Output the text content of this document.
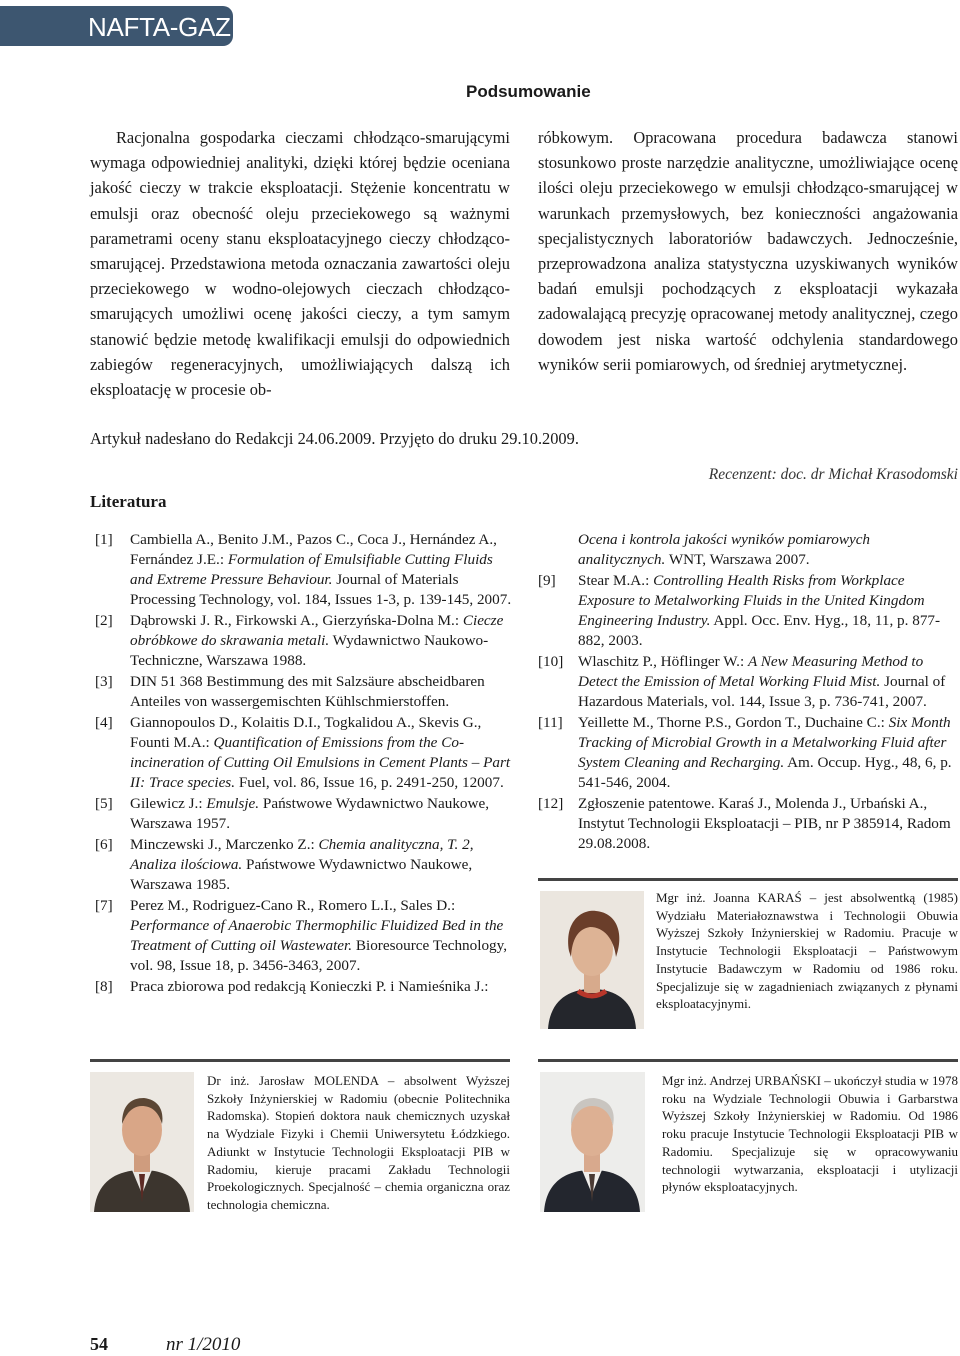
NAFTA-GAZ
Podsumowanie

Racjonalna gospodarka cieczami chłodząco-smarującymi wymaga odpowiedniej analityki, dzięki której będzie oceniana jakość cieczy w trakcie eksploatacji. Stężenie koncentratu w emulsji oraz obecność oleju przeciekowego są ważnymi parametrami oceny stanu eksploatacyjnego cieczy chłodząco-smarującej. Przedstawiona metoda oznaczania zawartości oleju przeciekowego w wodno-olejowych cieczach chłodząco-smarujących umożliwi ocenę jakości cieczy, a tym samym stanowić będzie metodę kwalifikacji emulsji do odpowiednich zabiegów regeneracyjnych, umożliwiających dalszą ich eksploatację w procesie ob-

róbkowym. Opracowana procedura badawcza stanowi stosunkowo proste narzędzie analityczne, umożliwiające ocenę ilości oleju przeciekowego w emulsji chłodząco-smarującej w warunkach przemysłowych, bez konieczności angażowania specjalistycznych laboratoriów badawczych. Jednocześnie, przeprowadzona analiza statystyczna uzyskiwanych wyników badań emulsji pochodzących z eksploatacji wykazała zadowalającą precyzję opracowanej metody analitycznej, czego dowodem jest niska wartość odchylenia standardowego wyników serii pomiarowych, od średniej arytmetycznej.

Artykuł nadesłano do Redakcji 24.06.2009. Przyjęto do druku 29.10.2009.
Recenzent: doc. dr Michał Krasodomski
Literatura
[1] Cambiella A., Benito J.M., Pazos C., Coca J., Hernández A., Fernández J.E.: Formulation of Emulsifiable Cutting Fluids and Extreme Pressure Behaviour. Journal of Materials Processing Technology, vol. 184, Issues 1-3, p. 139-145, 2007.
[2] Dąbrowski J. R., Firkowski A., Gierzyńska-Dolna M.: Ciecze obróbkowe do skrawania metali. Wydawnictwo Naukowo-Techniczne, Warszawa 1988.
[3] DIN 51 368 Bestimmung des mit Salzsäure abscheidbaren Anteiles von wassergemischten Kühlschmierstoffen.
[4] Giannopoulos D., Kolaitis D.I., Togkalidou A., Skevis G., Founti M.A.: Quantification of Emissions from the Co-incineration of Cutting Oil Emulsions in Cement Plants – Part II: Trace species. Fuel, vol. 86, Issue 16, p. 2491-250, 12007.
[5] Gilewicz J.: Emulsje. Państwowe Wydawnictwo Naukowe, Warszawa 1957.
[6] Minczewski J., Marczenko Z.: Chemia analityczna, T. 2, Analiza ilościowa. Państwowe Wydawnictwo Naukowe, Warszawa 1985.
[7] Perez M., Rodriguez-Cano R., Romero L.I., Sales D.: Performance of Anaerobic Thermophilic Fluidized Bed in the Treatment of Cutting oil Wastewater. Bioresource Technology, vol. 98, Issue 18, p. 3456-3463, 2007.
[8] Praca zbiorowa pod redakcją Konieczki P. i Namieśnika J.:
Ocena i kontrola jakości wyników pomiarowych analitycznych. WNT, Warszawa 2007.
[9] Stear M.A.: Controlling Health Risks from Workplace Exposure to Metalworking Fluids in the United Kingdom Engineering Industry. Appl. Occ. Env. Hyg., 18, 11, p. 877-882, 2003.
[10] Wlaschitz P., Höflinger W.: A New Measuring Method to Detect the Emission of Metal Working Fluid Mist. Journal of Hazardous Materials, vol. 144, Issue 3, p. 736-741, 2007.
[11] Yeillette M., Thorne P.S., Gordon T., Duchaine C.: Six Month Tracking of Microbial Growth in a Metalworking Fluid after System Cleaning and Recharging. Am. Occup. Hyg., 48, 6, p. 541-546, 2004.
[12] Zgłoszenie patentowe. Karaś J., Molenda J., Urbański A., Instytut Technologii Eksploatacji – PIB, nr P 385914, Radom 29.08.2008.
Mgr inż. Joanna KARAŚ – jest absolwentką (1985) Wydziału Materiałoznawstwa i Technologii Obuwia Wyższej Szkoły Inżynierskiej w Radomiu. Pracuje w Instytucie Technologii Eksploatacji – Państwowym Instytucie Badawczym w Radomiu od 1986 roku. Specjalizuje się w zagadnieniach związanych z płynami eksploatacyjnymi.
Dr inż. Jarosław MOLENDA – absolwent Wyższej Szkoły Inżynierskiej w Radomiu (obecnie Politechnika Radomska). Stopień doktora nauk chemicznych uzyskał na Wydziale Fizyki i Chemii Uniwersytetu Łódzkiego. Adiunkt w Instytucie Technologii Eksploatacji PIB w Radomiu, kieruje pracami Zakładu Technologii Proekologicznych. Specjalność – chemia organiczna oraz technologia chemiczna.
Mgr inż. Andrzej URBAŃSKI – ukończył studia w 1978 roku na Wydziale Technologii Obuwia i Garbarstwa Wyższej Szkoły Inżynierskiej w Radomiu. Od 1986 roku pracuje Instytucie Technologii Eksploatacji PIB w Radomiu. Specjalizuje się w opracowywaniu technologii wytwarzania, eksploatacji i utylizacji płynów eksploatacyjnych.
54	nr 1/2010
